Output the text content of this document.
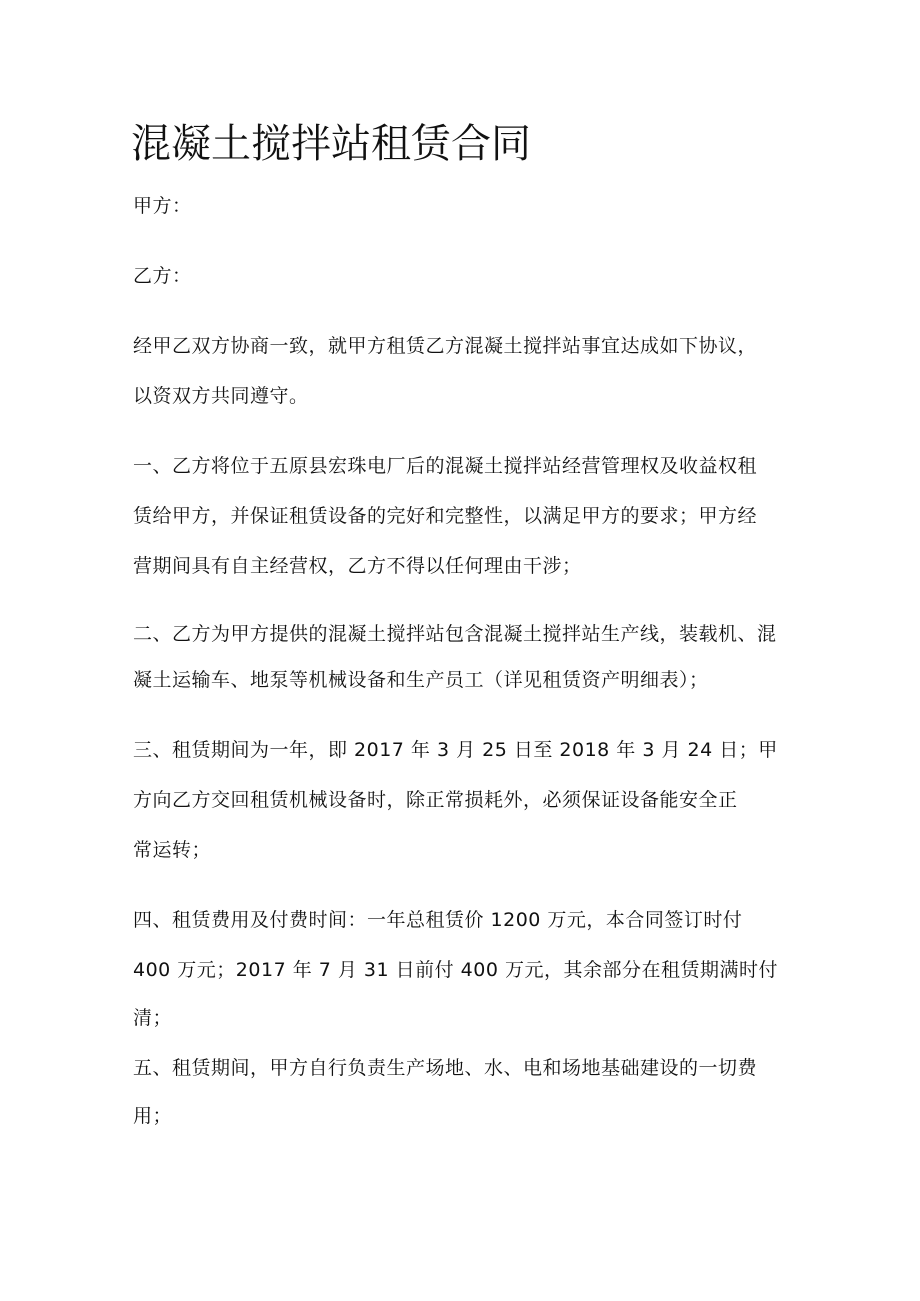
混凝土搅拌站租赁合同
甲方：
乙方：
经甲乙双方协商一致，就甲方租赁乙方混凝土搅拌站事宜达成如下协议，
以资双方共同遵守。
一、乙方将位于五原县宏珠电厂后的混凝土搅拌站经营管理权及收益权租
赁给甲方，并保证租赁设备的完好和完整性，以满足甲方的要求；甲方经
营期间具有自主经营权，乙方不得以任何理由干涉；
二、乙方为甲方提供的混凝土搅拌站包含混凝土搅拌站生产线，装载机、混
凝土运输车、地泵等机械设备和生产员工（详见租赁资产明细表）；
三、租赁期间为一年，即 2017 年 3 月 25 日至 2018 年 3 月 24 日；甲
方向乙方交回租赁机械设备时，除正常损耗外，必须保证设备能安全正
常运转；
四、租赁费用及付费时间：一年总租赁价 1200 万元，本合同签订时付
400 万元；2017 年 7 月 31 日前付 400 万元，其余部分在租赁期满时付
清；
五、租赁期间，甲方自行负责生产场地、水、电和场地基础建设的一切费
用；
